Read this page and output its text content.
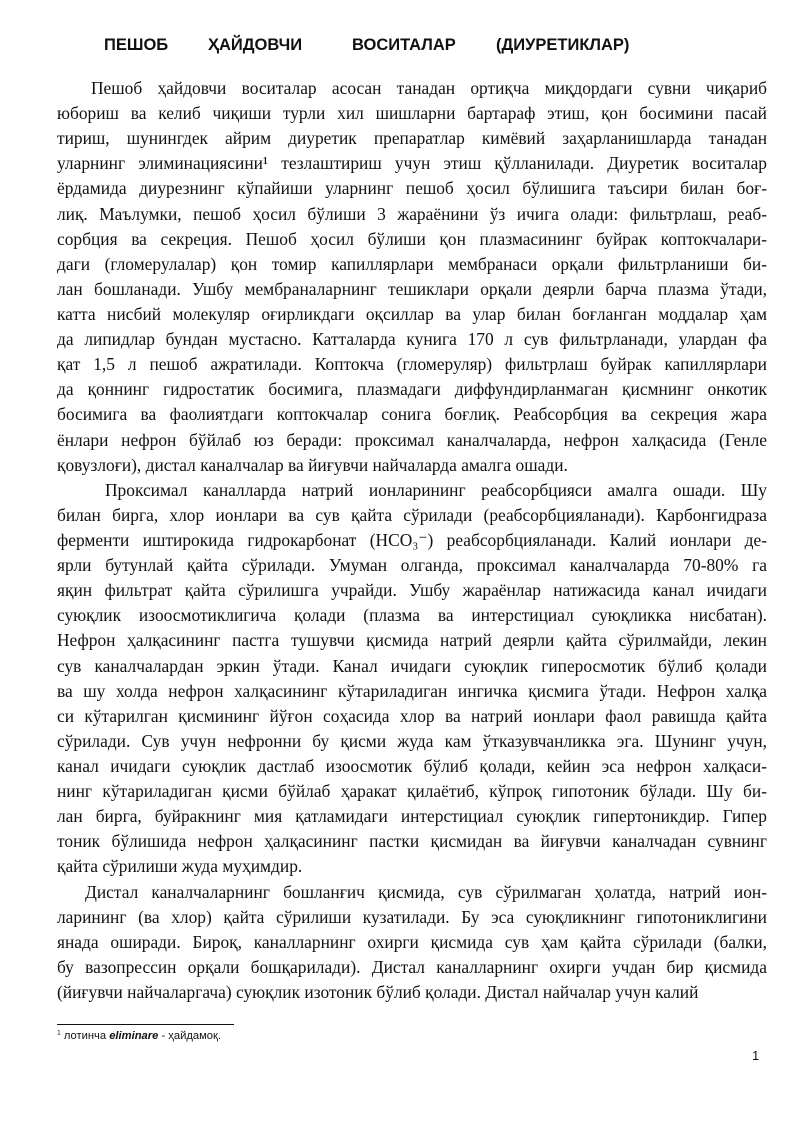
ПЕШОБ ҲАЙДОВЧИ	ВОСИТАЛАР (ДИУРЕТИКЛАР)
Пешоб ҳайдовчи воситалар асосан танадан ортиқча миқдордаги сувни чиқариб
юбориш ва келиб чиқиши турли хил шишларни бартараф этиш, қон босимини пасай
тириш, шунингдек айрим диуретик препаратлар кимёвий заҳарланишларда танадан
уларнинг элиминациясини¹ тезлаштириш учун этиш қўлланилади. Диуретик воситалар
ёрдамида диурезнинг кўпайиши уларнинг пешоб ҳосил бўлишига таъсири билан боғ-
лиқ. Маълумки, пешоб ҳосил бўлиши 3 жараёнини ўз ичига олади: фильтрлаш, реаб-
сорбция ва секреция. Пешоб ҳосил бўлиши қон плазмасининг буйрак коптокчалари-
даги (гломерулалар) қон томир капиллярлари мембранаси орқали фильтрланиши би-
лан бошланади. Ушбу мембраналарнинг тешиклари орқали деярли барча плазма ўтади,
катта нисбий молекуляр оғирликдаги оқсиллар ва улар билан боғланган моддалар ҳам
да липидлар бундан мустасно. Катталарда кунига 170 л сув фильтрланади, улардан фа
қат 1,5 л пешоб ажратилади. Коптокча (гломеруляр) фильтрлаш буйрак капиллярлари
да қоннинг гидростатик босимига, плазмадаги диффундирланмаган қисмнинг онкотик
босимига ва фаолиятдаги коптокчалар сонига боғлиқ. Реабсорбция ва секреция жара
ёнлари нефрон бўйлаб юз беради: проксимал каналчаларда, нефрон халқасида (Генле
қовузлоғи), дистал каналчалар ва йиғувчи найчаларда амалга ошади.
Проксимал каналларда натрий ионларининг реабсорбцияси амалга ошади. Шу
билан бирга, хлор ионлари ва сув қайта сўрилади (реабсорбцияланади). Карбонгидраза
ферменти иштирокида гидрокарбонат (HCO₃⁻) реабсорбцияланади. Калий ионлари де-
ярли бутунлай қайта сўрилади. Умуман олганда, проксимал каналчаларда 70-80% га
яқин фильтрат қайта сўрилишга учрайди. Ушбу жараёнлар натижасида канал ичидаги
суюқлик изоосмотиклигича қолади (плазма ва интерстициал суюқликка нисбатан).
Нефрон ҳалқасининг пастга тушувчи қисмида натрий деярли қайта сўрилмайди, лекин
сув каналчалардан эркин ўтади. Канал ичидаги суюқлик гиперосмотик бўлиб қолади
ва шу холда нефрон халқасининг кўтариладиган ингичка қисмига ўтади. Нефрон халқа
си кўтарилган қисмининг йўғон соҳасида хлор ва натрий ионлари фаол равишда қайта
сўрилади. Сув учун нефронни бу қисми жуда кам ўтказувчанликка эга. Шунинг учун,
канал ичидаги суюқлик дастлаб изоосмотик бўлиб қолади, кейин эса нефрон халқаси-
нинг кўтариладиган қисми бўйлаб ҳаракат қилаётиб, кўпроқ гипотоник бўлади. Шу би-
лан бирга, буйракнинг мия қатламидаги интерстициал суюқлик гипертоникдир. Гипер
тоник бўлишида нефрон ҳалқасининг пастки қисмидан ва йиғувчи каналчадан сувнинг
қайта сўрилиши жуда муҳимдир.
Дистал каналчаларнинг бошланғич қисмида, сув сўрилмаган ҳолатда, натрий ион-
ларининг (ва хлор) қайта сўрилиши кузатилади. Бу эса суюқликнинг гипотониклигини
янада оширади. Бироқ, каналларнинг охирги қисмида сув ҳам қайта сўрилади (балки,
бу вазопрессин орқали бошқарилади). Дистал каналларнинг охирги учдан бир қисмида
(йиғувчи найчаларгача) суюқлик изотоник бўлиб қолади. Дистал найчалар учун калий
$^1$ лотинча eliminare - ҳайдамоқ.
1
